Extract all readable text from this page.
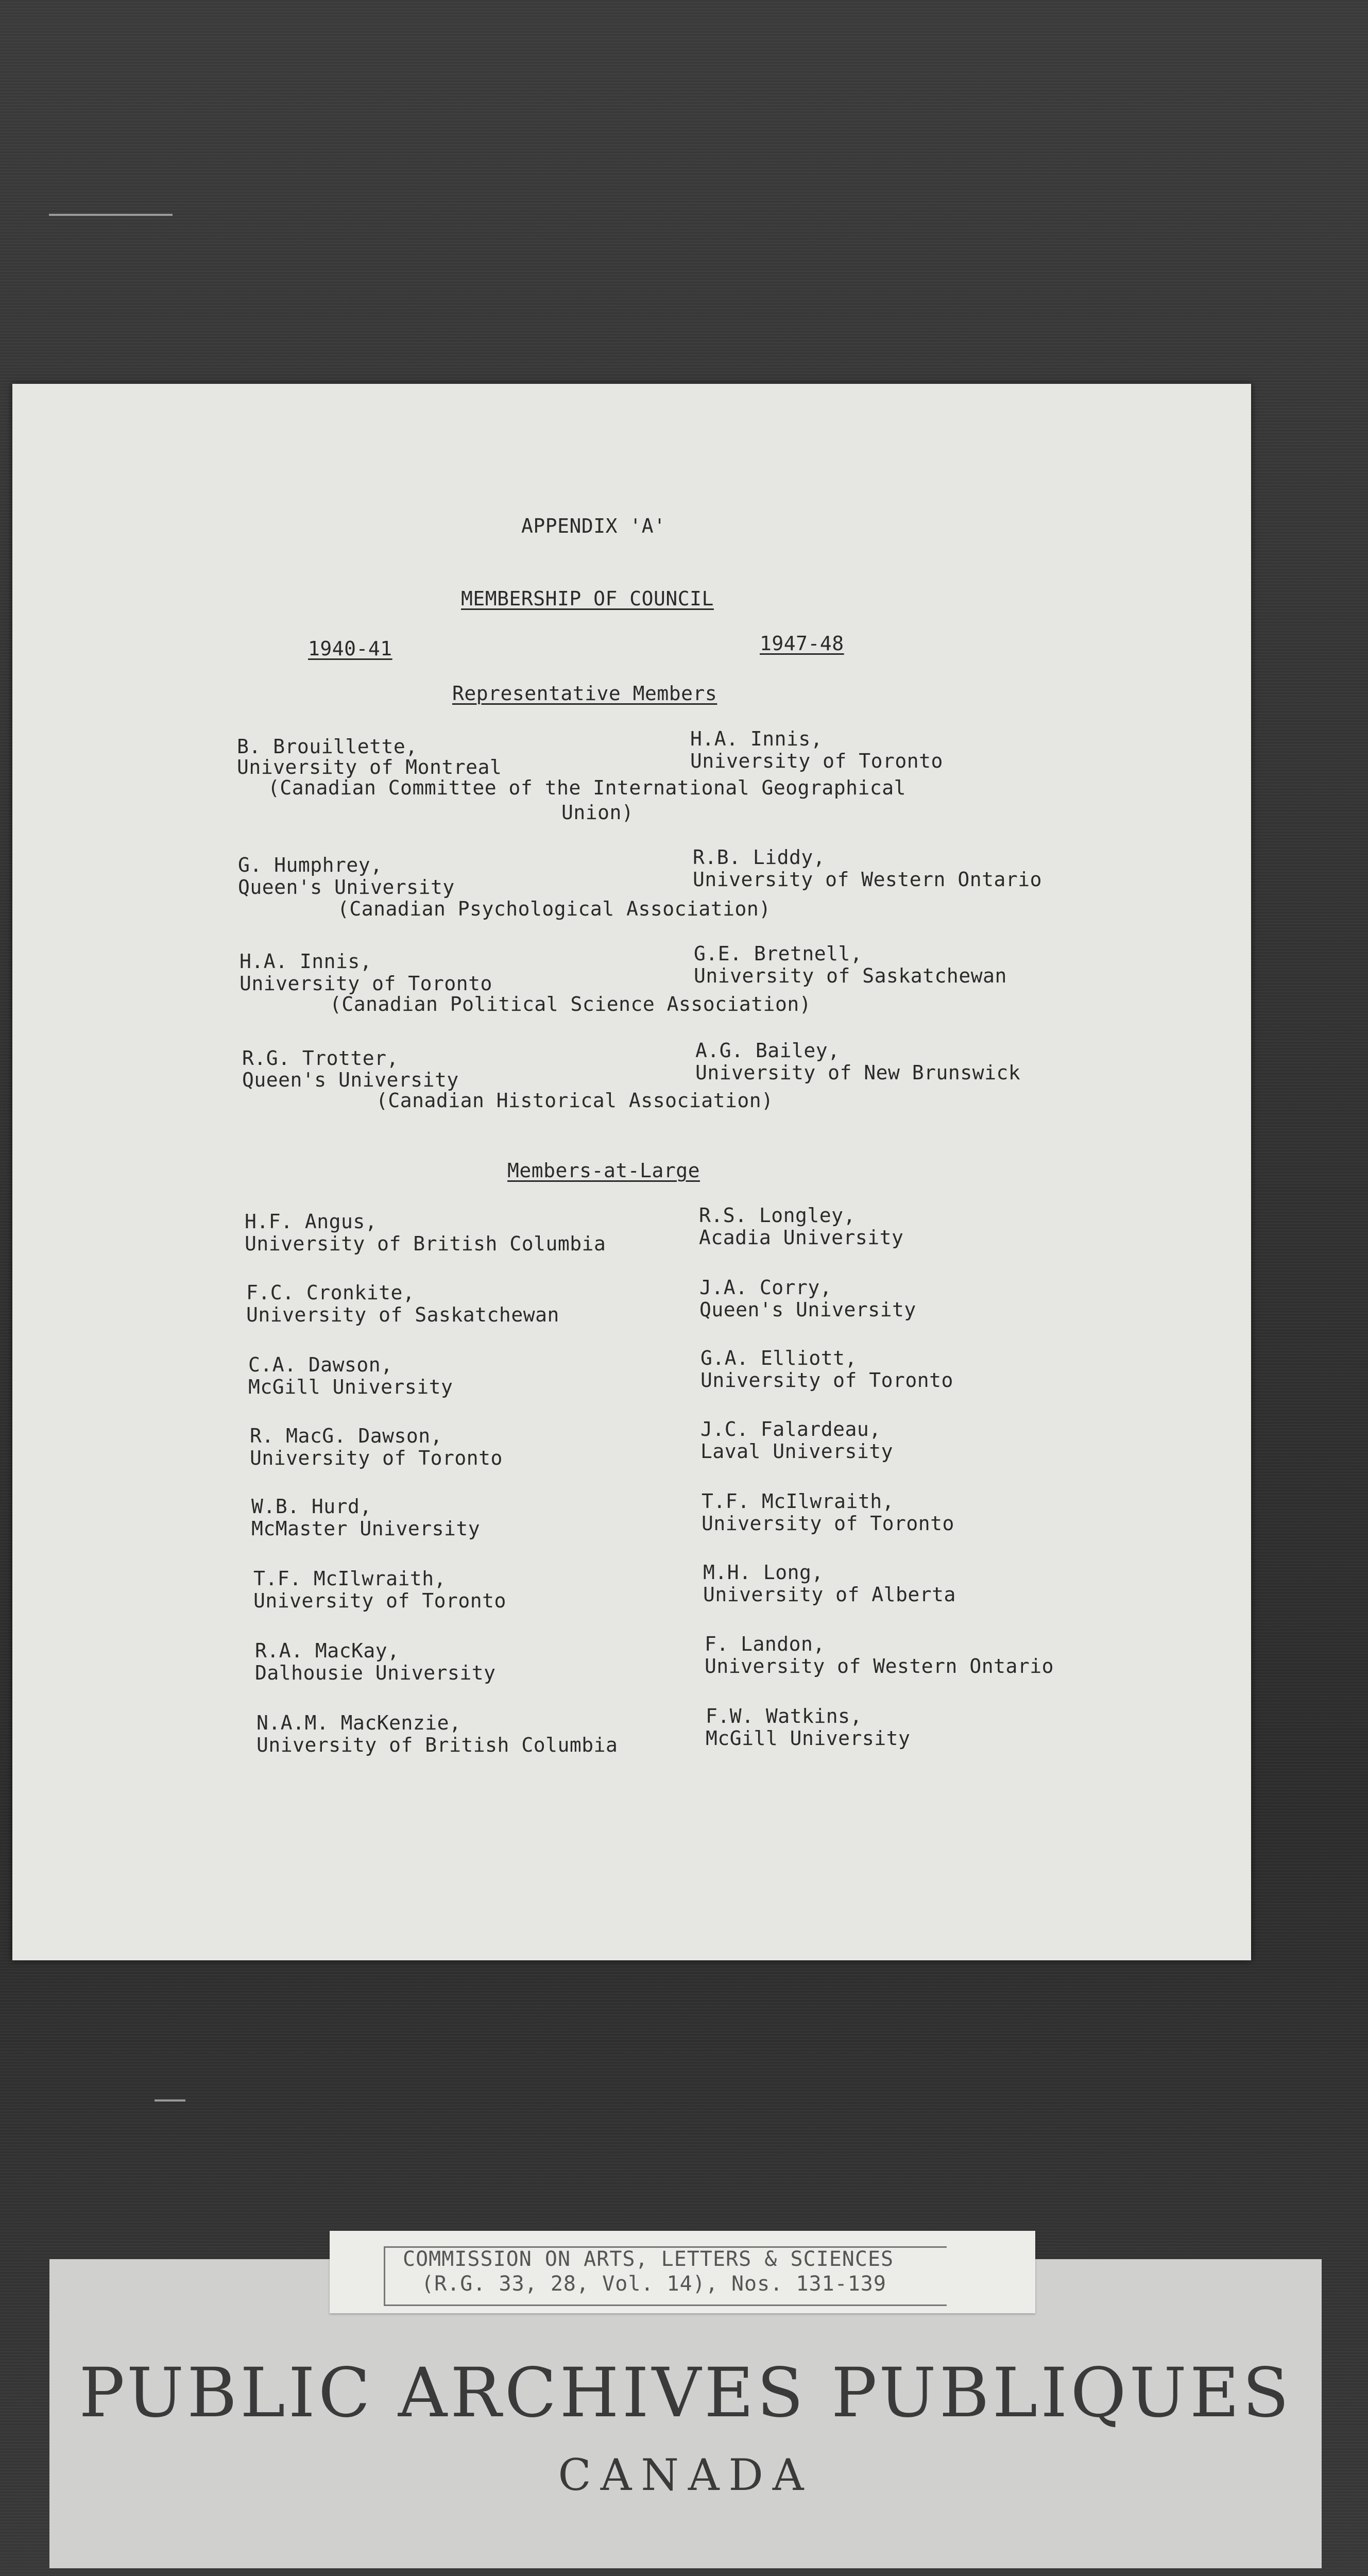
APPENDIX 'A'
MEMBERSHIP OF COUNCIL
1940-41	1947-48
Representative Members
B. Brouillette,
University of Montreal
H.A. Innis,
University of Toronto
(Canadian Committee of the International Geographical
Union)
G. Humphrey,
Queen's University
R.B. Liddy,
University of Western Ontario
(Canadian Psychological Association)
H.A. Innis,
University of Toronto
G.E. Bretnell,
University of Saskatchewan
(Canadian Political Science Association)
R.G. Trotter,
Queen's University
A.G. Bailey,
University of New Brunswick
(Canadian Historical Association)
Members-at-Large
H.F. Angus,
University of British Columbia
R.S. Longley,
Acadia University
F.C. Cronkite,
University of Saskatchewan
J.A. Corry,
Queen's University
C.A. Dawson,
McGill University
G.A. Elliott,
University of Toronto
R. MacG. Dawson,
University of Toronto
J.C. Falardeau,
Laval University
W.B. Hurd,
McMaster University
T.F. McIlwraith,
University of Toronto
T.F. McIlwraith,
University of Toronto
M.H. Long,
University of Alberta
R.A. MacKay,
Dalhousie University
F. Landon,
University of Western Ontario
N.A.M. MacKenzie,
University of British Columbia
F.W. Watkins,
McGill University
COMMISSION ON ARTS, LETTERS & SCIENCES
(R.G. 33, 28, Vol. 14), Nos. 131-139
PUBLIC ARCHIVES PUBLIQUES
CANADA
